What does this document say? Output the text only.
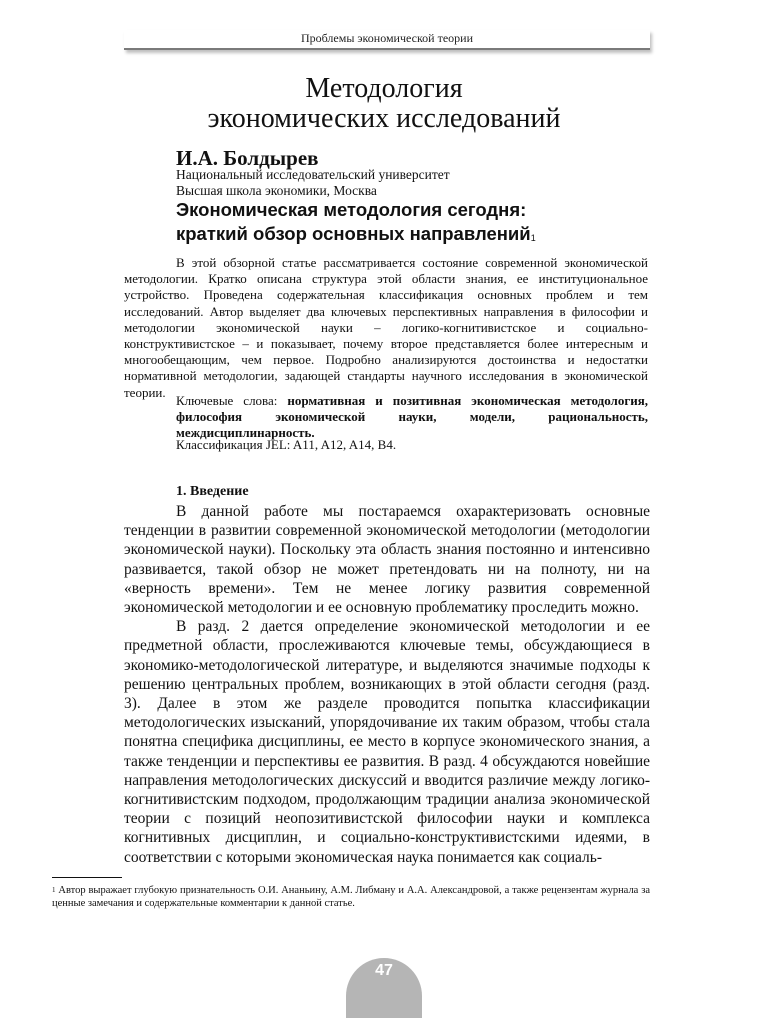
Проблемы экономической теории
Методология
экономических исследований
И.А. Болдырев
Национальный исследовательский университет
Высшая школа экономики, Москва
Экономическая методология сегодня:
краткий обзор основных направлений$^1$

В этой обзорной статье рассматривается состояние современной экономической методологии. Кратко описана структура этой области знания, ее институциональное устройство. Проведена содержательная классификация основных проблем и тем исследований. Автор выделяет два ключевых перспективных направления в философии и методологии экономической науки – логико-когнитивистское и социально-конструктивистское – и показывает, почему второе представляется более интересным и многообещающим, чем первое. Подробно анализируются достоинства и недостатки нормативной методологии, задающей стандарты научного исследования в экономической теории.

Ключевые слова: нормативная и позитивная экономическая методология, философия экономической науки, модели, рациональность, междисциплинарность.

Классификация JEL: A11, A12, A14, B4.

1. Введение

В данной работе мы постараемся охарактеризовать основные тенденции в развитии современной экономической методологии (методологии экономической науки). Поскольку эта область знания постоянно и интенсивно развивается, такой обзор не может претендовать ни на полноту, ни на «верность времени». Тем не менее логику развития современной экономической методологии и ее основную проблематику проследить можно.

В разд. 2 дается определение экономической методологии и ее предметной области, прослеживаются ключевые темы, обсуждающиеся в экономико-методологической литературе, и выделяются значимые подходы к решению центральных проблем, возникающих в этой области сегодня (разд. 3). Далее в этом же разделе проводится попытка классификации методологических изысканий, упорядочивание их таким образом, чтобы стала понятна специфика дисциплины, ее место в корпусе экономического знания, а также тенденции и перспективы ее развития. В разд. 4 обсуждаются новейшие направления методологических дискуссий и вводится различие между логико-когнитивистским подходом, продолжающим традиции анализа экономической теории с позиций неопозитивистской философии науки и комплекса когнитивных дисциплин, и социально-конструктивистскими идеями, в соответствии с которыми экономическая наука понимается как социаль-

$^1$ Автор выражает глубокую признательность О.И. Ананьину, А.М. Либману и А.А. Александровой, а также рецензентам журнала за ценные замечания и содержательные комментарии к данной статье.

47
